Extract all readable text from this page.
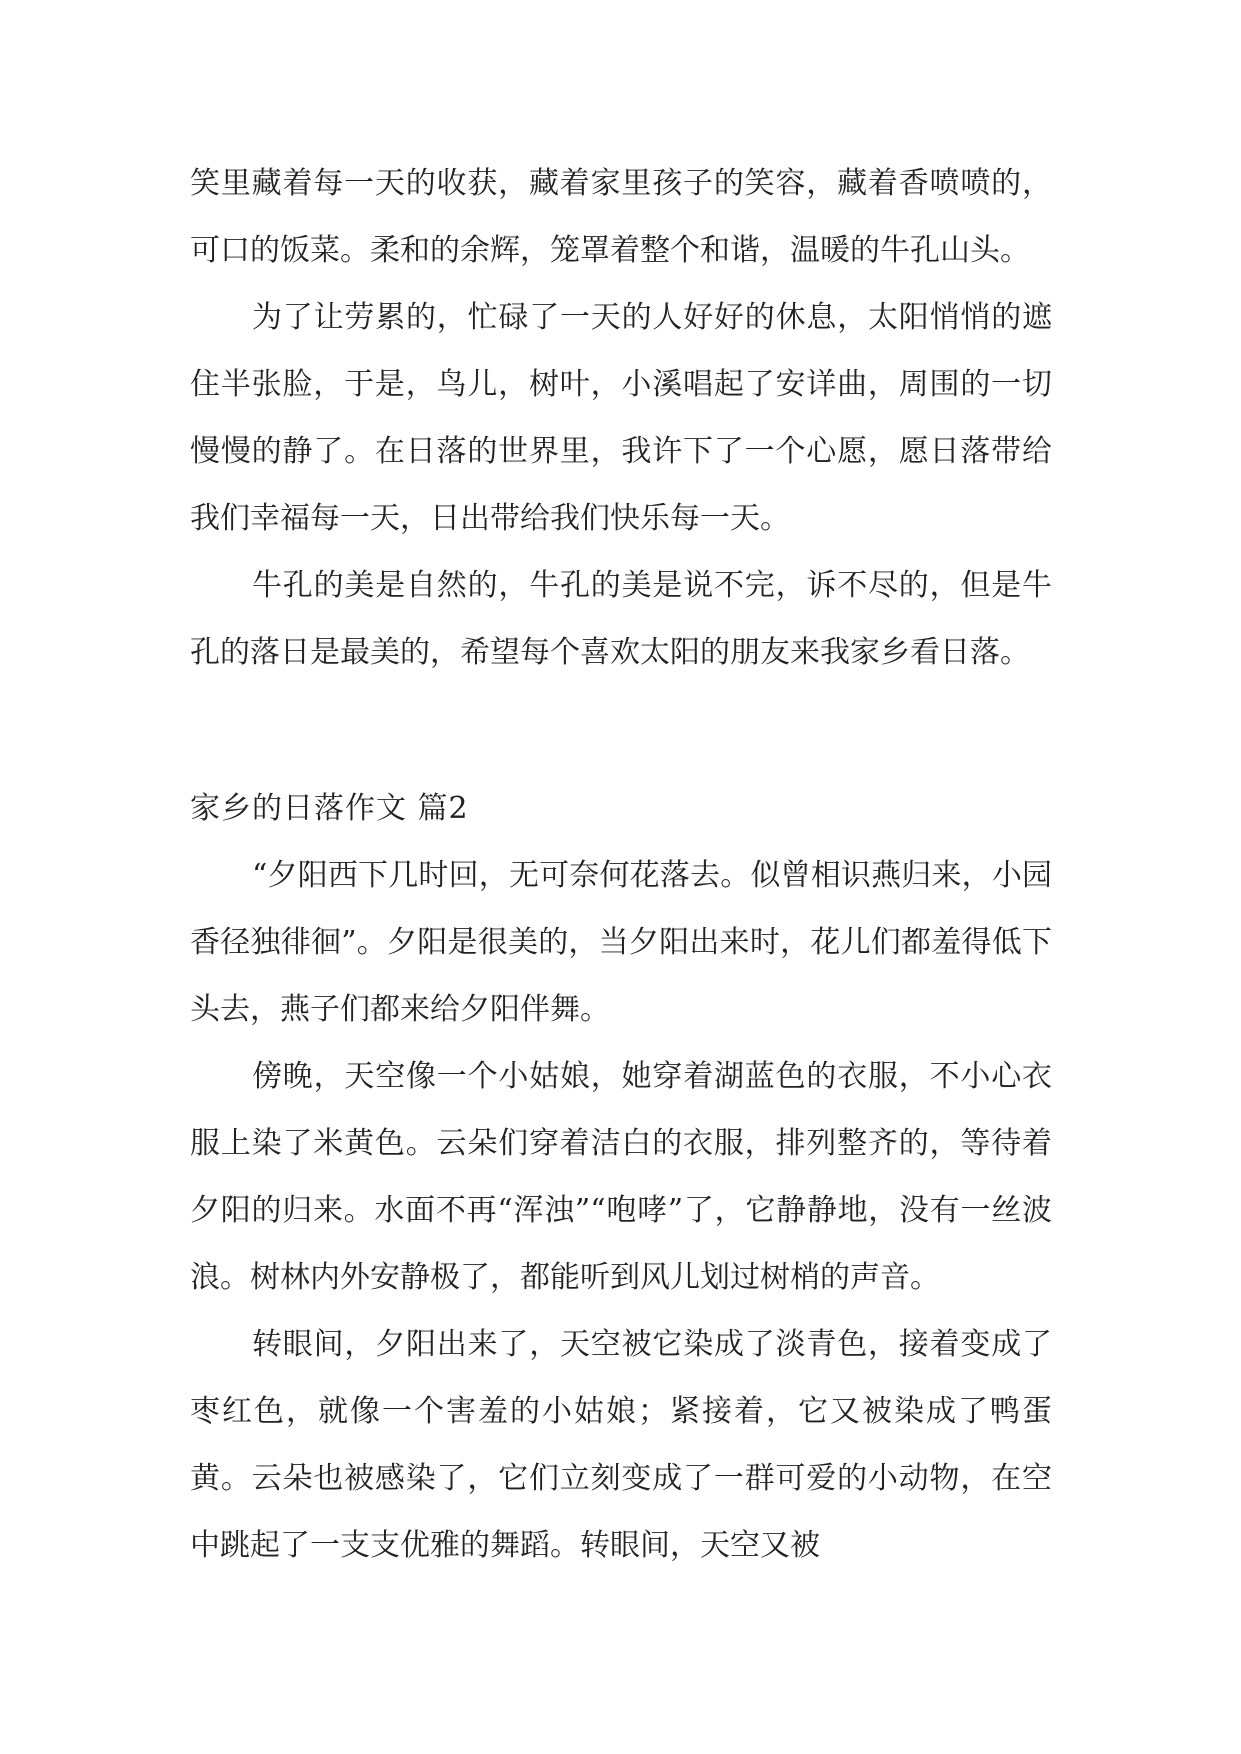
笑里藏着每一天的收获，藏着家里孩子的笑容，藏着香喷喷的，可口的饭菜。柔和的余辉，笼罩着整个和谐，温暖的牛孔山头。

为了让劳累的，忙碌了一天的人好好的休息，太阳悄悄的遮住半张脸，于是，鸟儿，树叶，小溪唱起了安详曲，周围的一切慢慢的静了。在日落的世界里，我许下了一个心愿，愿日落带给我们幸福每一天，日出带给我们快乐每一天。

牛孔的美是自然的，牛孔的美是说不完，诉不尽的，但是牛孔的落日是最美的，希望每个喜欢太阳的朋友来我家乡看日落。

家乡的日落作文 篇2

“夕阳西下几时回，无可奈何花落去。似曾相识燕归来，小园香径独徘徊”。夕阳是很美的，当夕阳出来时，花儿们都羞得低下头去，燕子们都来给夕阳伴舞。

傍晚，天空像一个小姑娘，她穿着湖蓝色的衣服，不小心衣服上染了米黄色。云朵们穿着洁白的衣服，排列整齐的，等待着夕阳的归来。水面不再“浑浊”“咆哮”了，它静静地，没有一丝波浪。树林内外安静极了，都能听到风儿划过树梢的声音。

转眼间，夕阳出来了，天空被它染成了淡青色，接着变成了枣红色，就像一个害羞的小姑娘；紧接着，它又被染成了鸭蛋黄。云朵也被感染了，它们立刻变成了一群可爱的小动物，在空中跳起了一支支优雅的舞蹈。转眼间，天空又被
